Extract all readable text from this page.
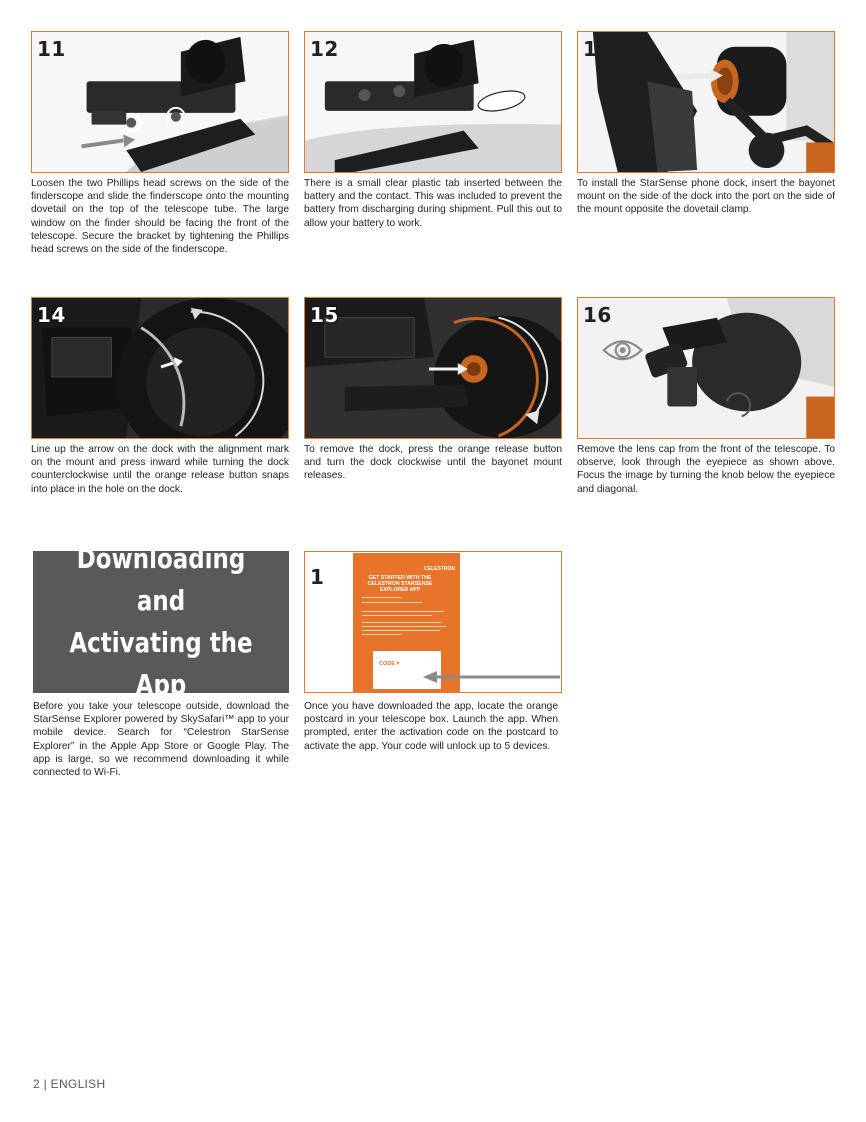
11

Loosen the two Phillips head screws on the side of the finderscope and slide the finderscope onto the mounting dovetail on the top of the telescope tube. The large window on the finder should be facing the front of the telescope. Secure the bracket by tightening the Phillips head screws on the side of the finderscope.

12

There is a small clear plastic tab inserted between the battery and the contact. This was included to prevent the battery from discharging during shipment. Pull this out to allow your battery to work.

13

To install the StarSense phone dock, insert the bayonet mount on the side of the dock into the port on the side of the mount opposite the dovetail clamp.

14

Line up the arrow on the dock with the alignment mark on the mount and press inward while turning the dock counterclockwise until the orange release button snaps into place in the hole on the dock.

15

To remove the dock, press the orange release button and turn the dock clockwise until the bayonet mount releases.

16

Remove the lens cap from the front of the telescope. To observe, look through the eyepiece as shown above. Focus the image by turning the knob below the eyepiece and diagonal.

Downloading and
Activating the App

Before you take your telescope outside, download the StarSense Explorer powered by SkySafari™ app to your mobile device. Search for “Celestron StarSense Explorer” in the Apple App Store or Google Play. The app is large, so we recommend downloading it while connected to Wi-Fi.

1	CELESTRON
GET STARTED WITH THE CELESTRON STARSENSE EXPLORER APP
CODE #

Once you have downloaded the app, locate the orange postcard in your telescope box. Launch the app. When prompted, enter the activation code on the postcard to activate the app. Your code will unlock up to 5 devices.

2 | ENGLISH
